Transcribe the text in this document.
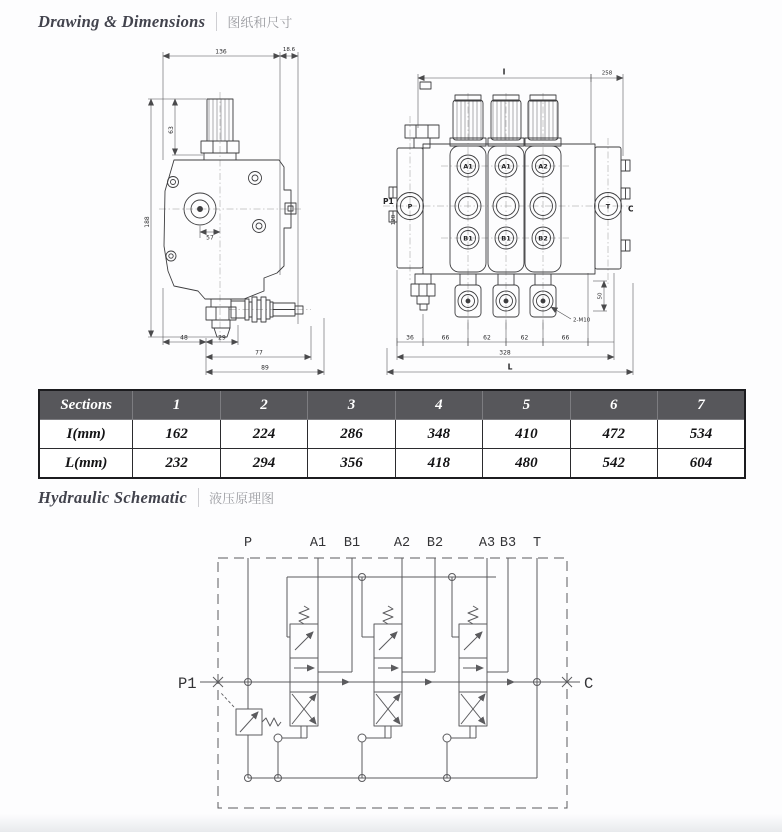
Drawing & Dimensions	图纸和尺寸
136	18.6
63
188
57
48	29
77
89
A1	A1	A2
B1	B1	B2
P	T
P1
C
I	258
128
36	66	62	62	66
328
L
50
2-M10
Sections	1	2	3	4	5	6	7
I(mm)	162	224	286	348	410	472	534
L(mm)	232	294	356	418	480	542	604
Hydraulic Schematic	液压原理图
P	A1 B1	A2 B2	A3 B3 T
P1	C
